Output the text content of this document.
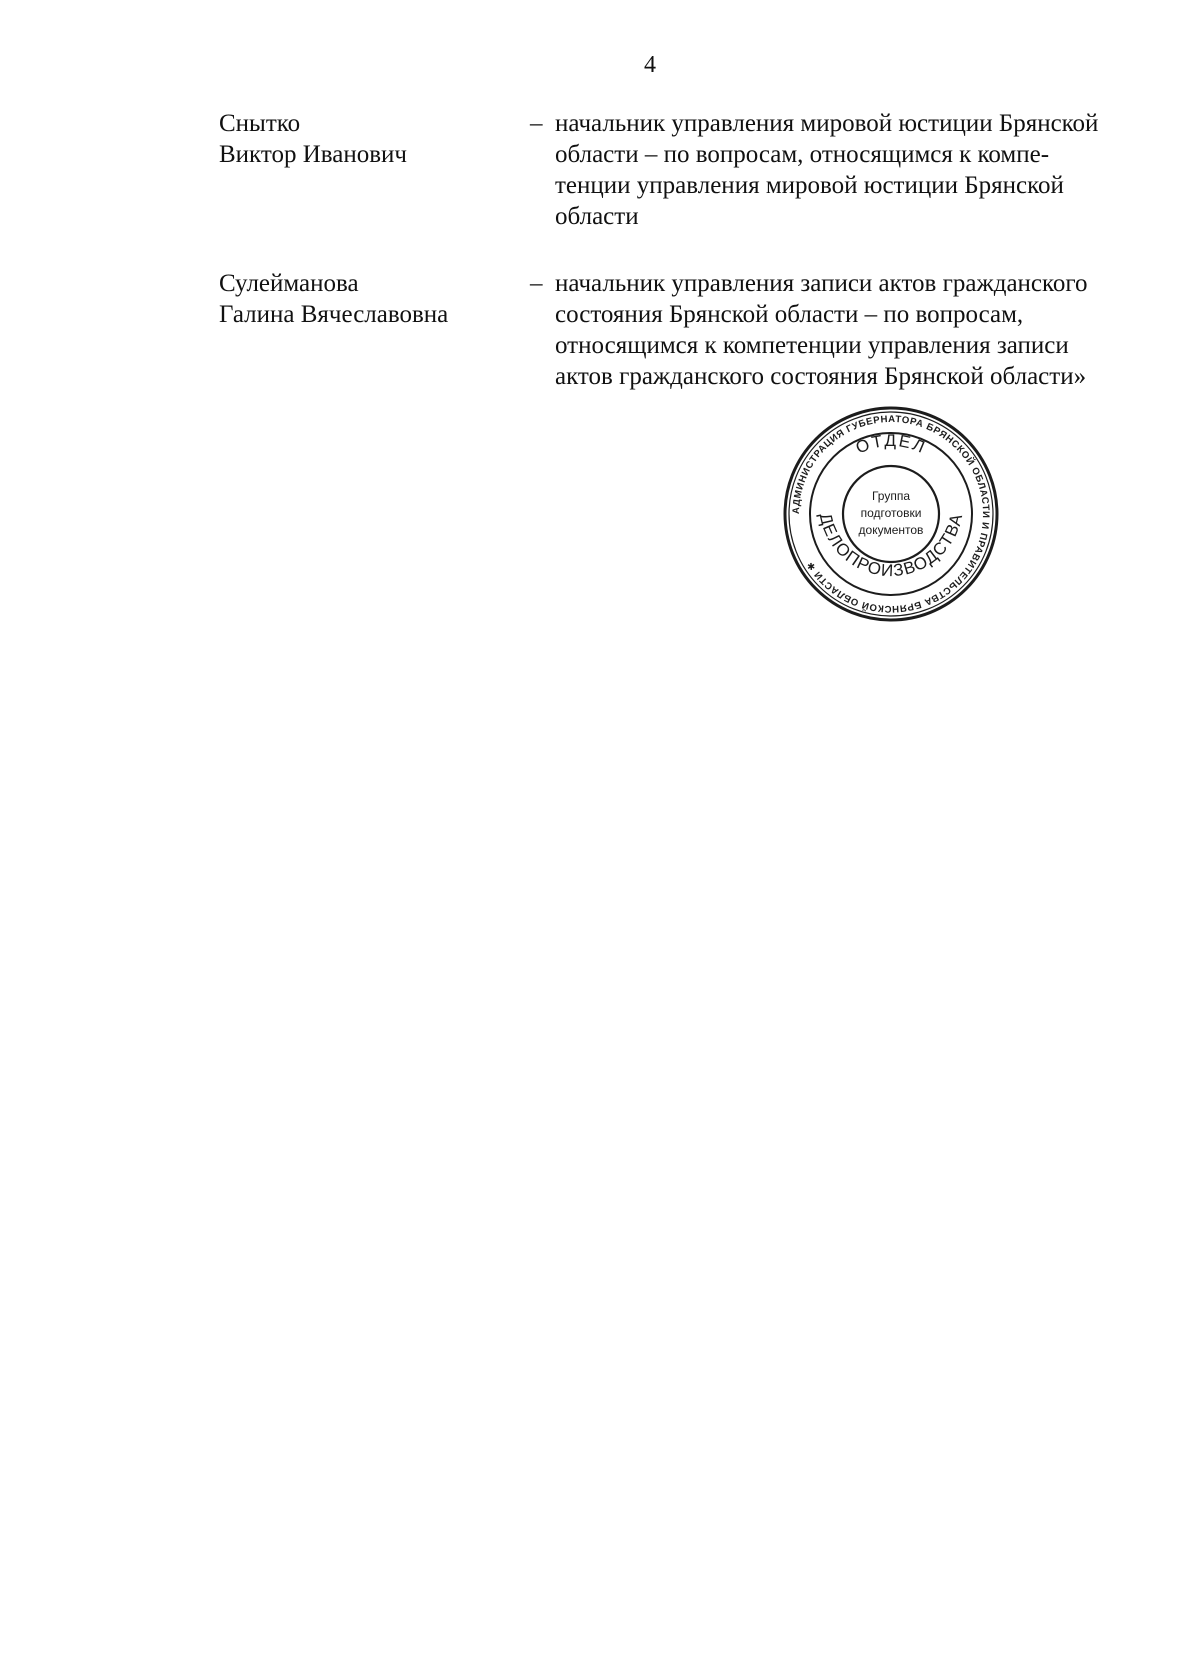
4
Снытко
Виктор Иванович
– начальник управления мировой юстиции Брянской
области – по вопросам, относящимся к компе-
тенции управления мировой юстиции Брянской
области
Сулейманова
Галина Вячеславовна
– начальник управления записи актов гражданского
состояния Брянской области – по вопросам,
относящимся к компетенции управления записи
актов гражданского состояния Брянской области»
АДМИНИСТРАЦИЯ ГУБЕРНАТОРА БРЯНСКОЙ ОБЛАСТИ И ПРАВИТЕЛЬСТВА БРЯНСКОЙ ОБЛАСТИ ✱
ОТДЕЛ
ДЕЛОПРОИЗВОДСТВА
Группа
подготовки
документов
